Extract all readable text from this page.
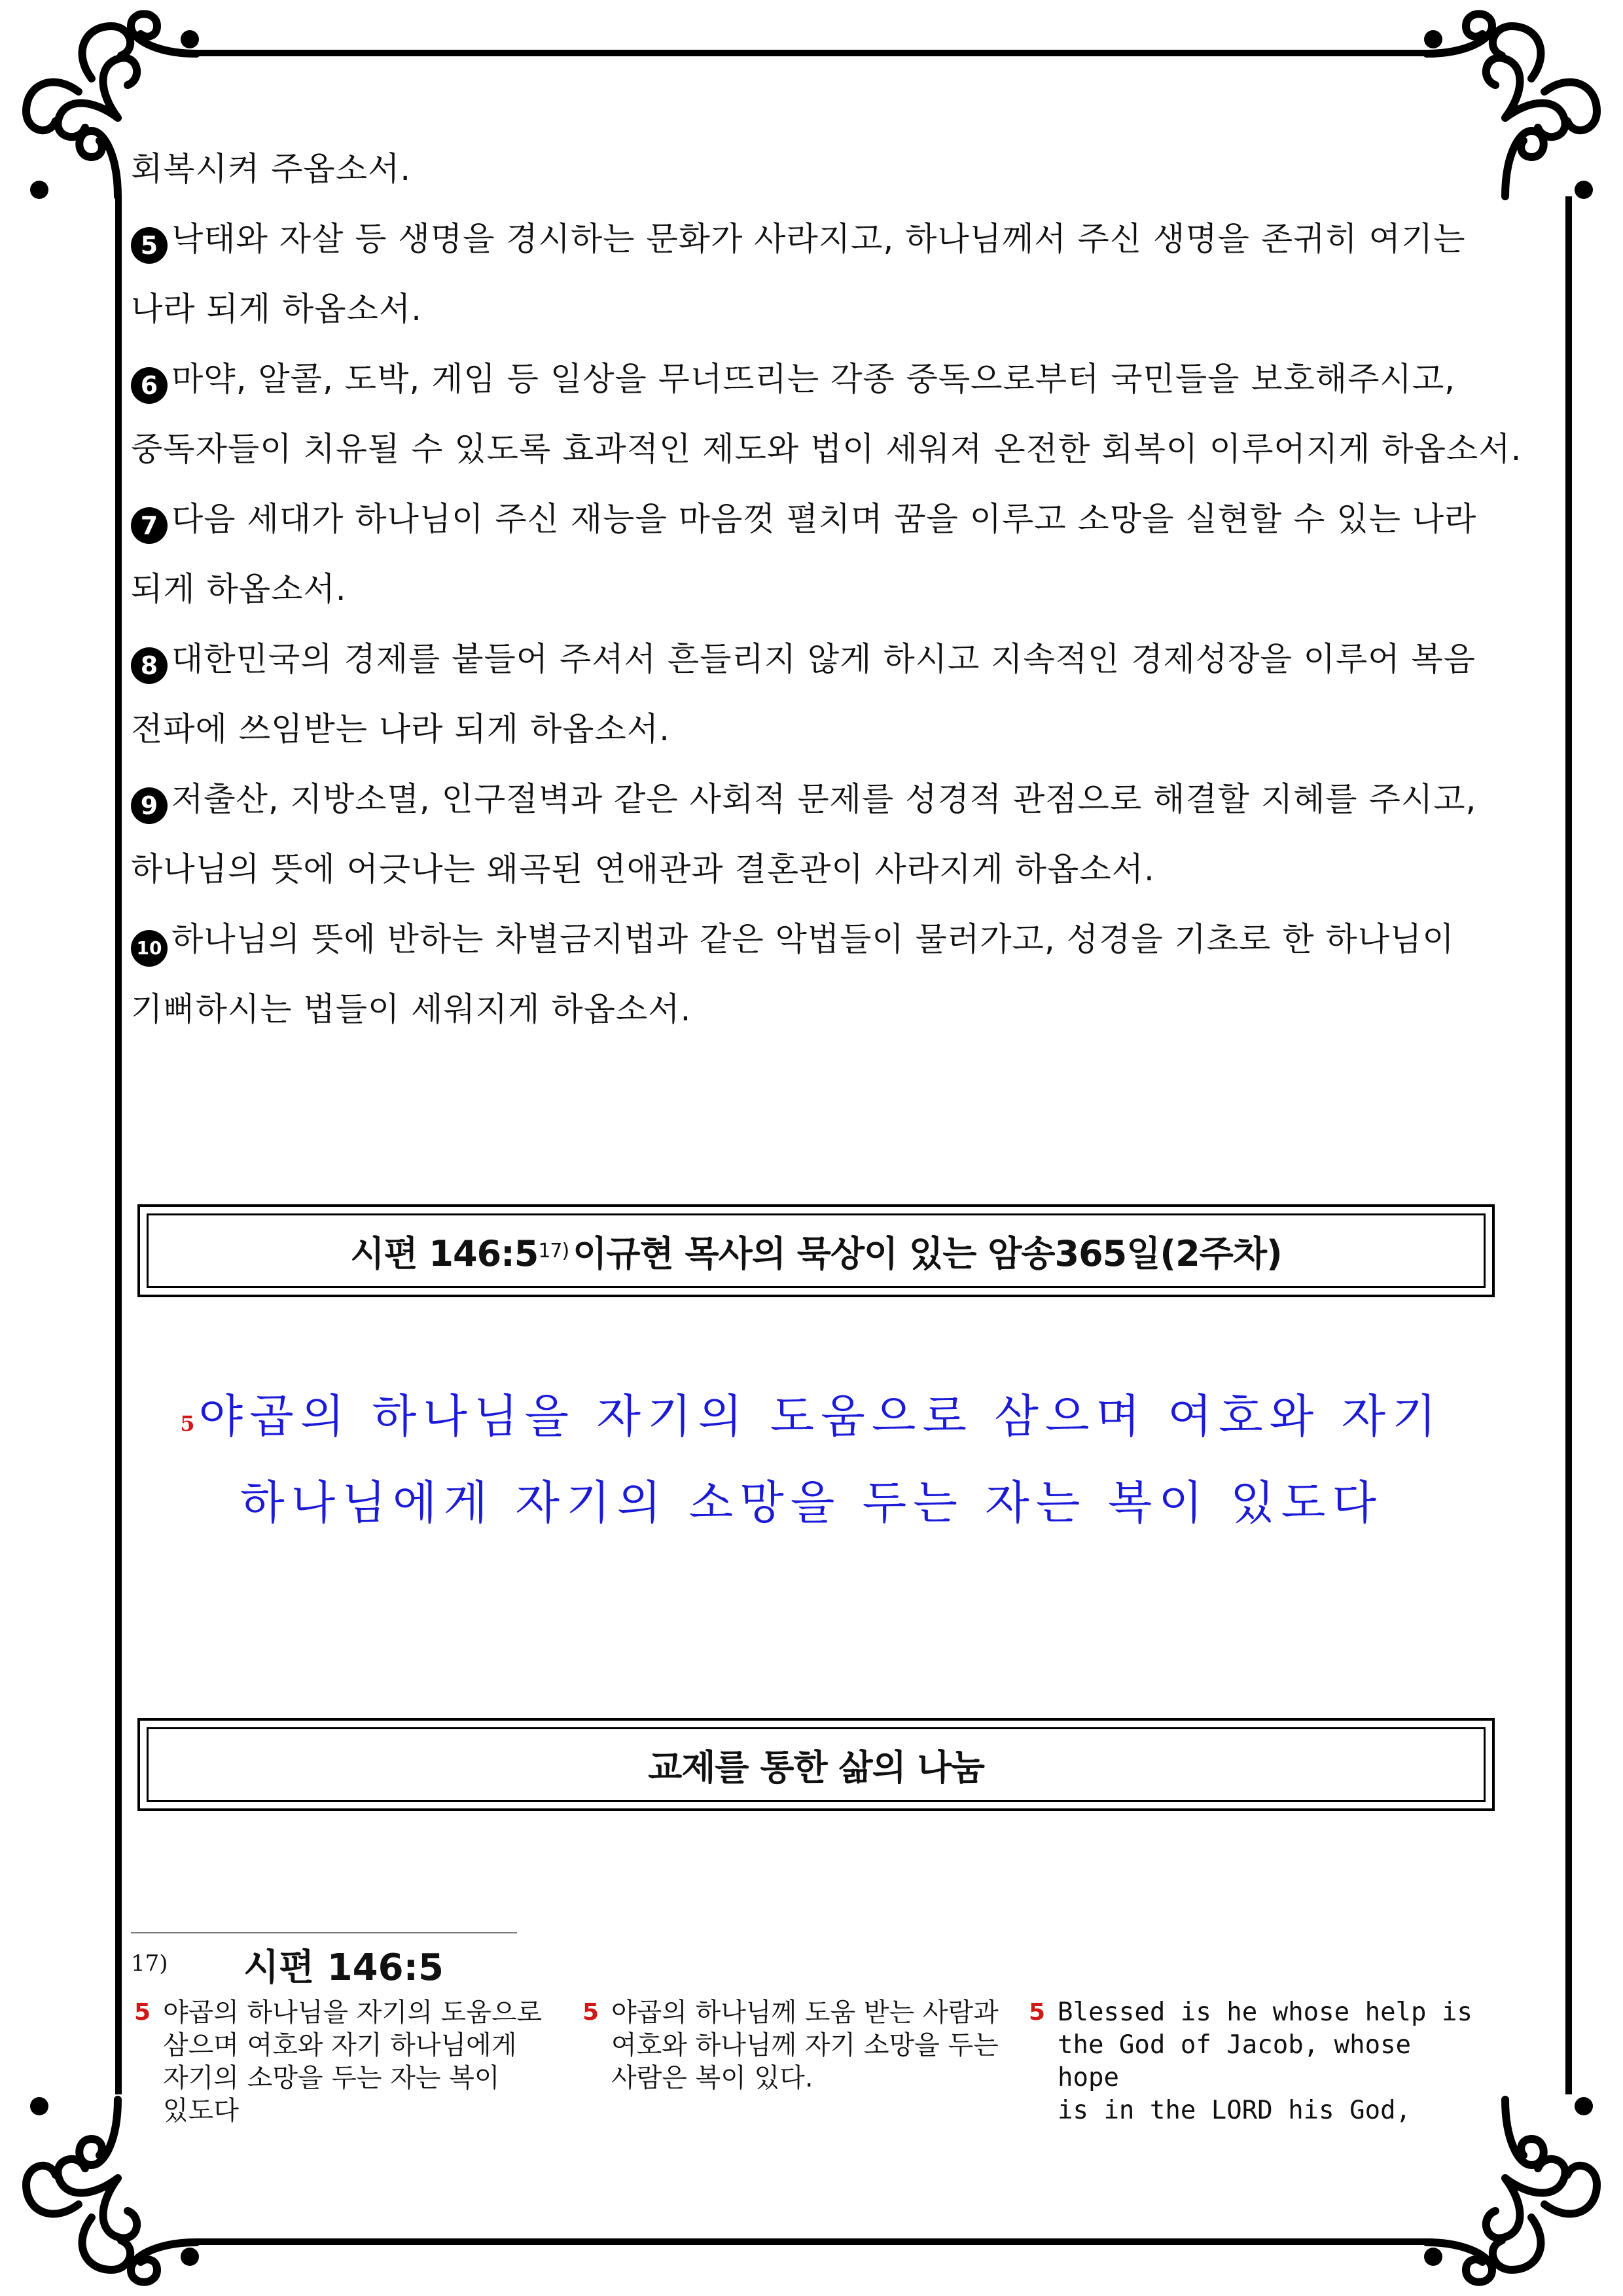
회복시켜 주옵소서.
5 낙태와 자살 등 생명을 경시하는 문화가 사라지고, 하나님께서 주신 생명을 존귀히 여기는
나라 되게 하옵소서.
6 마약, 알콜, 도박, 게임 등 일상을 무너뜨리는 각종 중독으로부터 국민들을 보호해주시고,
중독자들이 치유될 수 있도록 효과적인 제도와 법이 세워져 온전한 회복이 이루어지게 하옵소서.
7 다음 세대가 하나님이 주신 재능을 마음껏 펼치며 꿈을 이루고 소망을 실현할 수 있는 나라
되게 하옵소서.
8 대한민국의 경제를 붙들어 주셔서 흔들리지 않게 하시고 지속적인 경제성장을 이루어 복음
전파에 쓰임받는 나라 되게 하옵소서.
9 저출산, 지방소멸, 인구절벽과 같은 사회적 문제를 성경적 관점으로 해결할 지혜를 주시고,
하나님의 뜻에 어긋나는 왜곡된 연애관과 결혼관이 사라지게 하옵소서.
10 하나님의 뜻에 반하는 차별금지법과 같은 악법들이 물러가고, 성경을 기초로 한 하나님이
기뻐하시는 법들이 세워지게 하옵소서.
시편 146:5 17) 이규현 목사의 묵상이 있는 암송365일(2주차)
5야곱의 하나님을 자기의 도움으로 삼으며 여호와 자기
하나님에게 자기의 소망을 두는 자는 복이 있도다
교제를 통한 삶의 나눔
17) 시편 146:5
5 야곱의 하나님을 자기의 도움으로
삼으며 여호와 자기 하나님에게
자기의 소망을 두는 자는 복이
있도다
5 야곱의 하나님께 도움 받는 사람과
여호와 하나님께 자기 소망을 두는
사람은 복이 있다.
5 Blessed is he whose help is
the God of Jacob, whose hope
is in the LORD his God,
